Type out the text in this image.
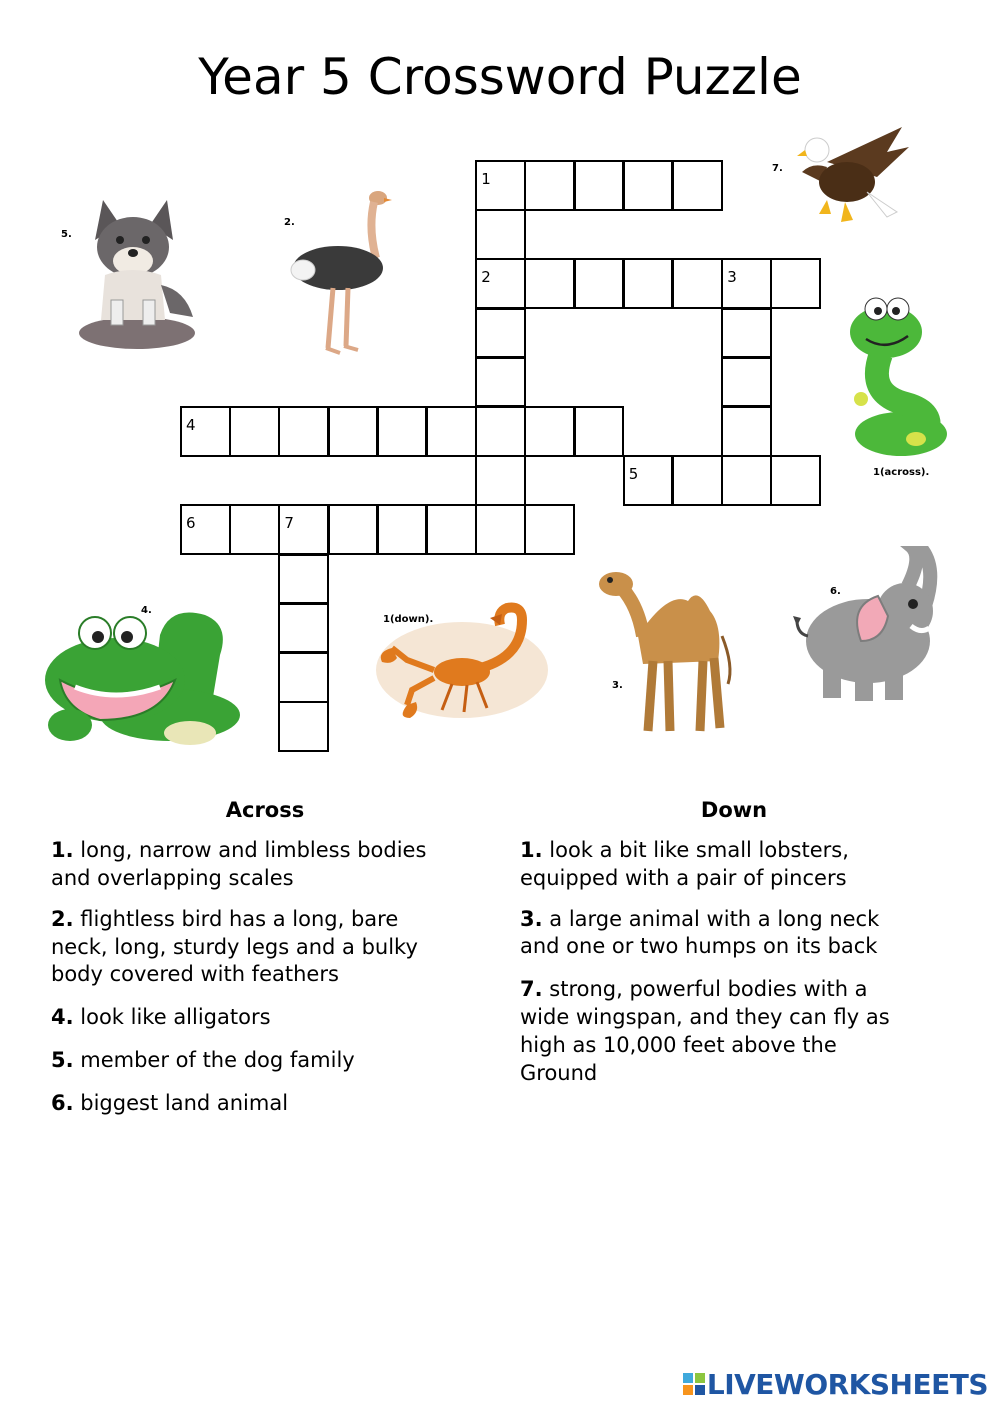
Year 5 Crossword Puzzle
1
2	3
4
5
6	7
5.
2.
7.
1(across).
4.
1(down).
3.
6.
Across	Down
1. long, narrow and limbless bodies
and overlapping scales
2. flightless bird has a long, bare
neck, long, sturdy legs and a bulky
body covered with feathers
4. look like alligators
5. member of the dog family
6. biggest land animal
1. look a bit like small lobsters,
equipped with a pair of pincers
3. a large animal with a long neck
and one or two humps on its back
7. strong, powerful bodies with a
wide wingspan, and they can fly as
high as 10,000 feet above the
Ground
LIVEWORKSHEETS
